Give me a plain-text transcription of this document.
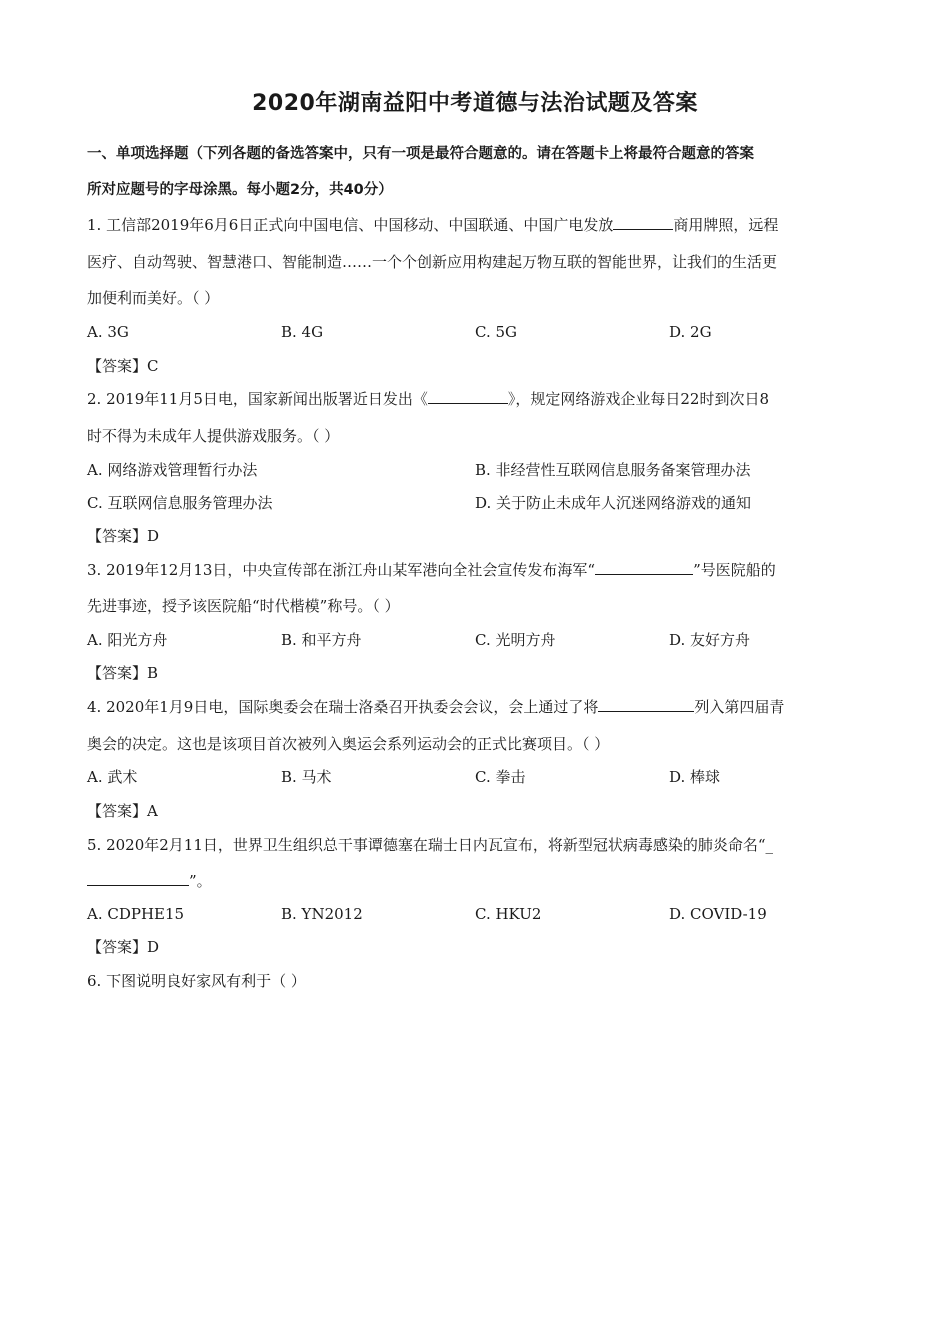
2020年湖南益阳中考道德与法治试题及答案
一、单项选择题（下列各题的备选答案中，只有一项是最符合题意的。请在答题卡上将最符合题意的答案
所对应题号的字母涂黑。每小题2分，共40分）
1. 工信部2019年6月6日正式向中国电信、中国移动、中国联通、中国广电发放	商用牌照，远程
医疗、自动驾驶、智慧港口、智能制造……一个个创新应用构建起万物互联的智能世界，让我们的生活更
加便利而美好。（ ）
A. 3G	B. 4G	C. 5G	D. 2G
【答案】C
2. 2019年11月5日电，国家新闻出版署近日发出《	》，规定网络游戏企业每日22时到次日8
时不得为未成年人提供游戏服务。（ ）
A. 网络游戏管理暂行办法	B. 非经营性互联网信息服务备案管理办法
C. 互联网信息服务管理办法	D. 关于防止未成年人沉迷网络游戏的通知
【答案】D
3. 2019年12月13日，中央宣传部在浙江舟山某军港向全社会宣传发布海军“	”号医院船的
先进事迹，授予该医院船“时代楷模”称号。（ ）
A. 阳光方舟	B. 和平方舟	C. 光明方舟	D. 友好方舟
【答案】B
4. 2020年1月9日电，国际奥委会在瑞士洛桑召开执委会会议，会上通过了将	列入第四届青
奥会的决定。这也是该项目首次被列入奥运会系列运动会的正式比赛项目。（ ）
A. 武术	B. 马术	C. 拳击	D. 棒球
【答案】A
5. 2020年2月11日，世界卫生组织总干事谭德塞在瑞士日内瓦宣布，将新型冠状病毒感染的肺炎命名“_
”。
A. CDPHE15	B. YN2012	C. HKU2	D. COVID-19
【答案】D
6. 下图说明良好家风有利于（ ）
